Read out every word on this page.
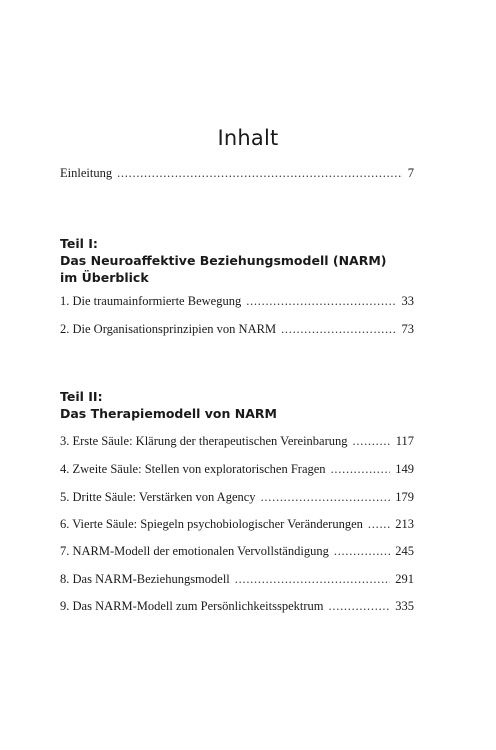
Inhalt
Einleitung . . .	7
Teil I:
Das Neuroaffektive Beziehungsmodell (NARM)
im Überblick
1. Die traumainformierte Bewegung . . .	33
2. Die Organisationsprinzipien von NARM . . .	73
Teil II:
Das Therapiemodell von NARM
3. Erste Säule: Klärung der therapeutischen Vereinbarung . . .	117
4. Zweite Säule: Stellen von exploratorischen Fragen . . .	149
5. Dritte Säule: Verstärken von Agency . . .	179
6. Vierte Säule: Spiegeln psychobiologischer Veränderungen . . .	213
7. NARM-Modell der emotionalen Vervollständigung . . .	245
8. Das NARM-Beziehungsmodell . . .	291
9. Das NARM-Modell zum Persönlichkeitsspektrum . . .	335
